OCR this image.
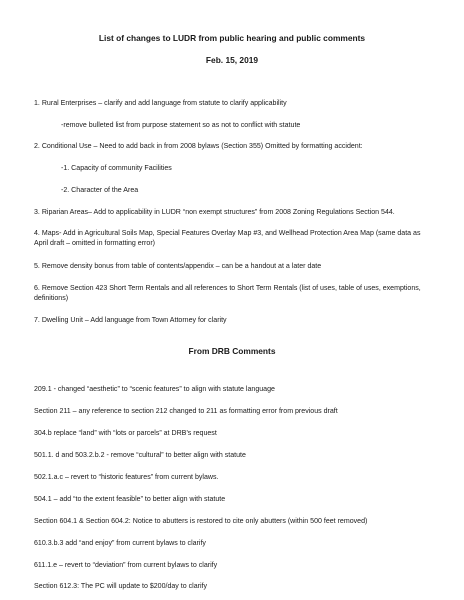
List of changes to LUDR from public hearing and public comments
Feb. 15, 2019
1. Rural Enterprises – clarify and add language from statute to clarify applicability
-remove bulleted list from purpose statement so as not to conflict with statute
2. Conditional Use – Need to add back in from 2008 bylaws (Section 355) Omitted by formatting accident:
-1. Capacity of community Facilities
-2. Character of the Area
3. Riparian Areas– Add to applicability in LUDR “non exempt structures” from 2008 Zoning Regulations Section 544.
4. Maps- Add in Agricultural Soils Map, Special Features Overlay Map #3, and Wellhead Protection Area Map (same data as April draft – omitted in formatting error)
5. Remove density bonus from table of contents/appendix – can be a handout at a later date
6. Remove Section 423 Short Term Rentals and all references to Short Term Rentals (list of uses, table of uses, exemptions, definitions)
7. Dwelling Unit – Add language from Town Attorney for clarity
From DRB Comments
209.1 - changed “aesthetic” to “scenic features” to align with statute language
Section 211 – any reference to section 212 changed to 211 as formatting error from previous draft
304.b replace “land” with “lots or parcels” at DRB’s request
501.1. d and 503.2.b.2 - remove “cultural” to better align with statute
502.1.a.c – revert to “historic features” from current bylaws.
504.1 – add “to the extent feasible” to better align with statute
Section 604.1 & Section 604.2: Notice to abutters is restored to cite only abutters (within 500 feet removed)
610.3.b.3 add “and enjoy” from current bylaws to clarify
611.1.e – revert to “deviation” from current bylaws to clarify
Section 612.3: The PC will update to $200/day to clarify
